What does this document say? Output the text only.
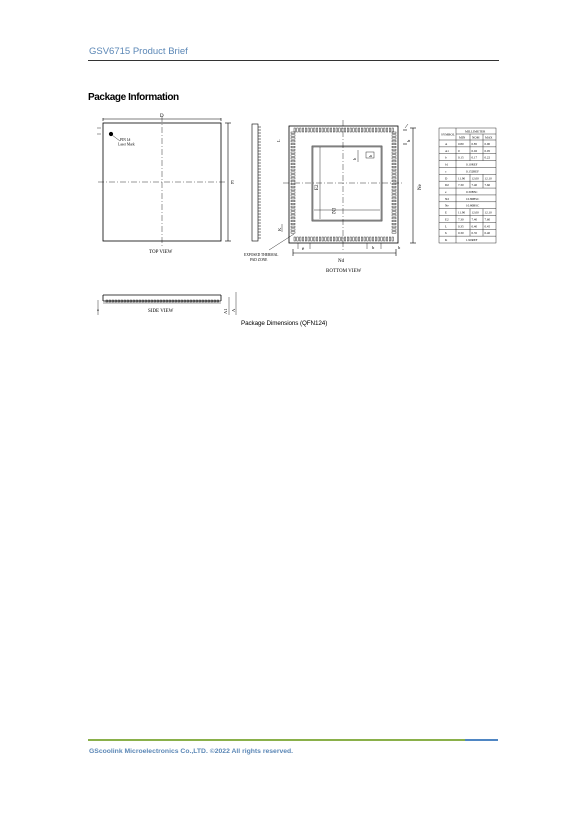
GSV6715 Product Brief
Package Information
D
E
PIN 1#
Laser Mark
TOP VIEW	EXPOSED THERMAL
PAD ZONE
BOTTOM VIEW
D2
E2
Nd
Ne
e	b
b
L
K
h
h
b
SIDE VIEW
c	A1 A
SYMBOL
MILLIMETER
MIN NOM MAX
A	0.80 0.85 0.90
A1	0	0.02 0.05
b	0.15 0.17 0.22
b1	0.10REF
c	0.152REF
D	11.90 12.00 12.10
D2	7.30 7.40 7.60
e	0.30BSC
Nd	10.80BSC
Ne	10.80BSC
E	11.90 12.00 12.10
E2	7.30 7.40 7.60
L	0.35 0.40 0.45
h	0.30 0.35 0.40
K	1.90REF
Package Dimensions (QFN124)
GScoolink Microelectronics Co.,LTD. ©2022 All rights reserved.
